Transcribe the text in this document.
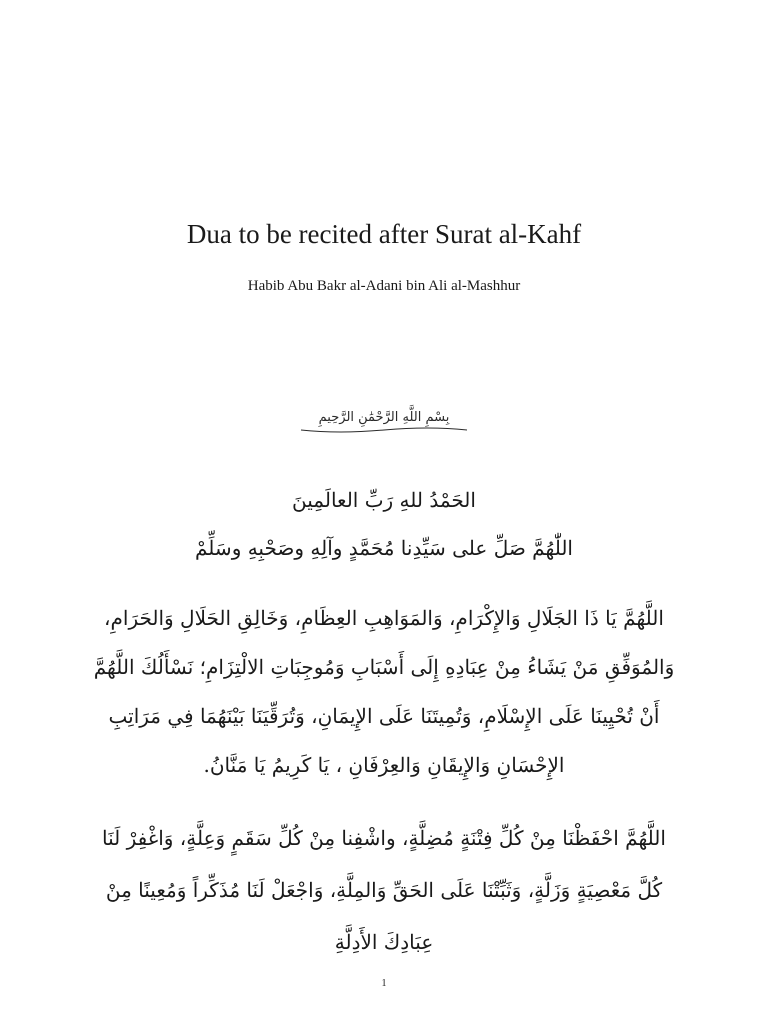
Dua to be recited after Surat al-Kahf
Habib Abu Bakr al-Adani bin Ali al-Mashhur
بِسْمِ اللَّهِ الرَّحْمَٰنِ الرَّحِيمِ
الحَمْدُ للهِ رَبِّ العالَمِينَ
اللّٰهُمَّ صَلِّ على سَيِّدِنا مُحَمَّدٍ وآلِهِ وصَحْبِهِ وسَلِّمْ
اللَّهُمَّ يَا ذَا الجَلَالِ وَالإِكْرَامِ، وَالمَوَاهِبِ العِظَامِ، وَخَالِقِ الحَلَالِ وَالحَرَامِ،
وَالمُوَفِّقِ مَنْ يَشَاءُ مِنْ عِبَادِهِ إِلَى أَسْبَابِ وَمُوجِبَاتِ الالْتِزَامِ؛ نَسْأَلُكَ اللَّهُمَّ
أَنْ تُحْيِينَا عَلَى الإِسْلَامِ، وَتُمِيتَنَا عَلَى الإِيمَانِ، وَتُرَقِّيَنَا بَيْنَهُمَا فِي مَرَاتِبِ
الإِحْسَانِ وَالإِيقَانِ وَالعِرْفَانِ ، يَا كَرِيمُ يَا مَنَّانُ.
اللَّهُمَّ احْفَظْنَا مِنْ كُلِّ فِتْنَةٍ مُضِلَّةٍ، واشْفِنا مِنْ كُلِّ سَقَمٍ وَعِلَّةٍ، وَاغْفِرْ لَنَا
كُلَّ مَعْصِيَةٍ وَزَلَّةٍ، وَثَبِّتْنَا عَلَى الحَقِّ وَالمِلَّةِ، وَاجْعَلْ لَنَا مُذَكِّراً وَمُعِينًا مِنْ
عِبَادِكَ الأَدِلَّةِ
1
